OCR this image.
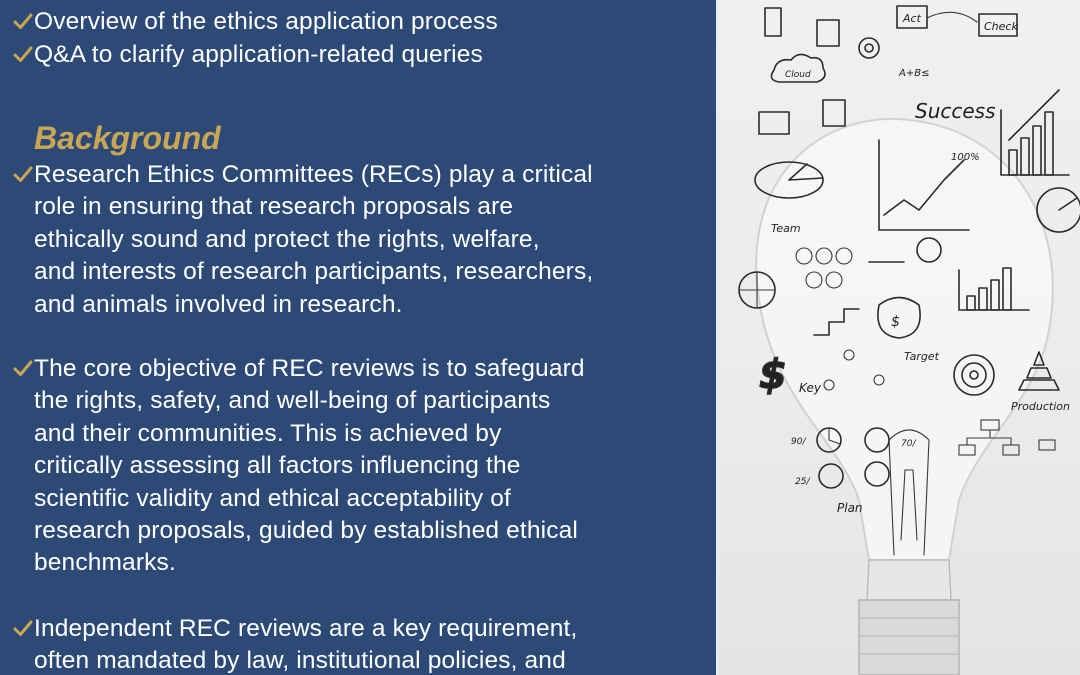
Overview of the ethics application process
Q&A to clarify application-related queries
Background
Research Ethics Committees (RECs) play a critical
role in ensuring that research proposals are
ethically sound and protect the rights, welfare,
and interests of research participants, researchers,
and animals involved in research.
The core objective of REC reviews is to safeguard
the rights, safety, and well-being of participants
and their communities. This is achieved by
critically assessing all factors influencing the
scientific validity and ethical acceptability of
research proposals, guided by established ethical
benchmarks.
Independent REC reviews are a key requirement,
often mandated by law, institutional policies, and
Act
Check
Cloud	A+B≤
Success
100%
Team
$
$ Key
Target
Production
90/	70/
25/
Plan
